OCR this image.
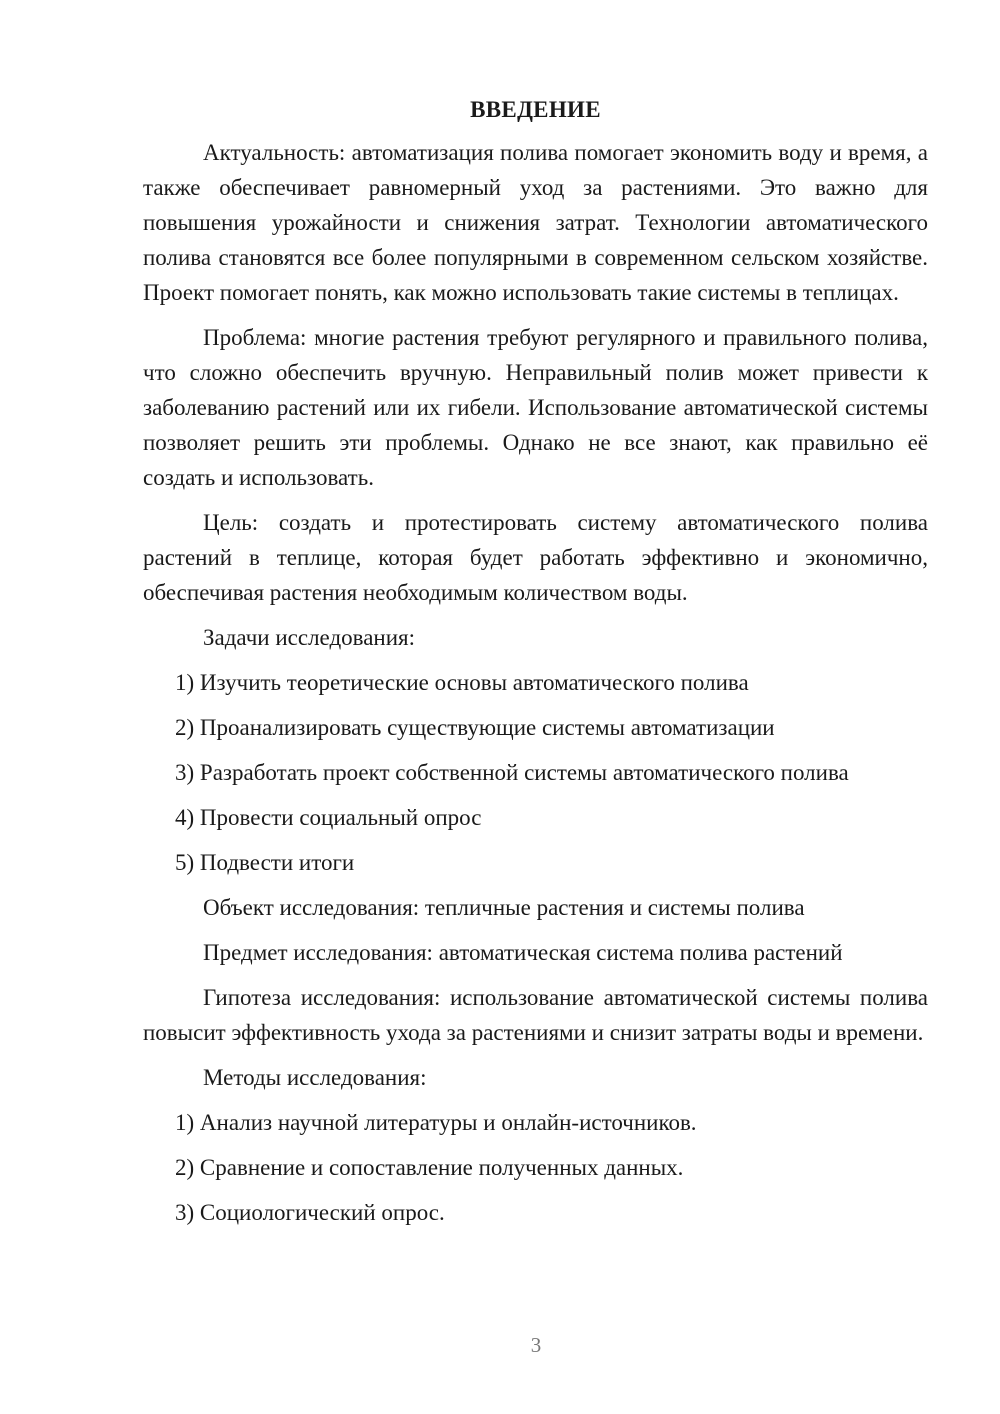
ВВЕДЕНИЕ

Актуальность: автоматизация полива помогает экономить воду и время, а также обеспечивает равномерный уход за растениями. Это важно для повышения урожайности и снижения затрат. Технологии автоматического полива становятся все более популярными в современном сельском хозяйстве. Проект помогает понять, как можно использовать такие системы в теплицах.

Проблема: многие растения требуют регулярного и правильного полива, что сложно обеспечить вручную. Неправильный полив может привести к заболеванию растений или их гибели. Использование автоматической системы позволяет решить эти проблемы. Однако не все знают, как правильно её создать и использовать.

Цель: создать и протестировать систему автоматического полива растений в теплице, которая будет работать эффективно и экономично, обеспечивая растения необходимым количеством воды.

Задачи исследования:

1) Изучить теоретические основы автоматического полива
2) Проанализировать существующие системы автоматизации
3) Разработать проект собственной системы автоматического полива
4) Провести социальный опрос
5) Подвести итоги

Объект исследования: тепличные растения и системы полива

Предмет исследования: автоматическая система полива растений

Гипотеза исследования: использование автоматической системы полива повысит эффективность ухода за растениями и снизит затраты воды и времени.

Методы исследования:

1) Анализ научной литературы и онлайн-источников.
2) Сравнение и сопоставление полученных данных.
3) Социологический опрос.
3
